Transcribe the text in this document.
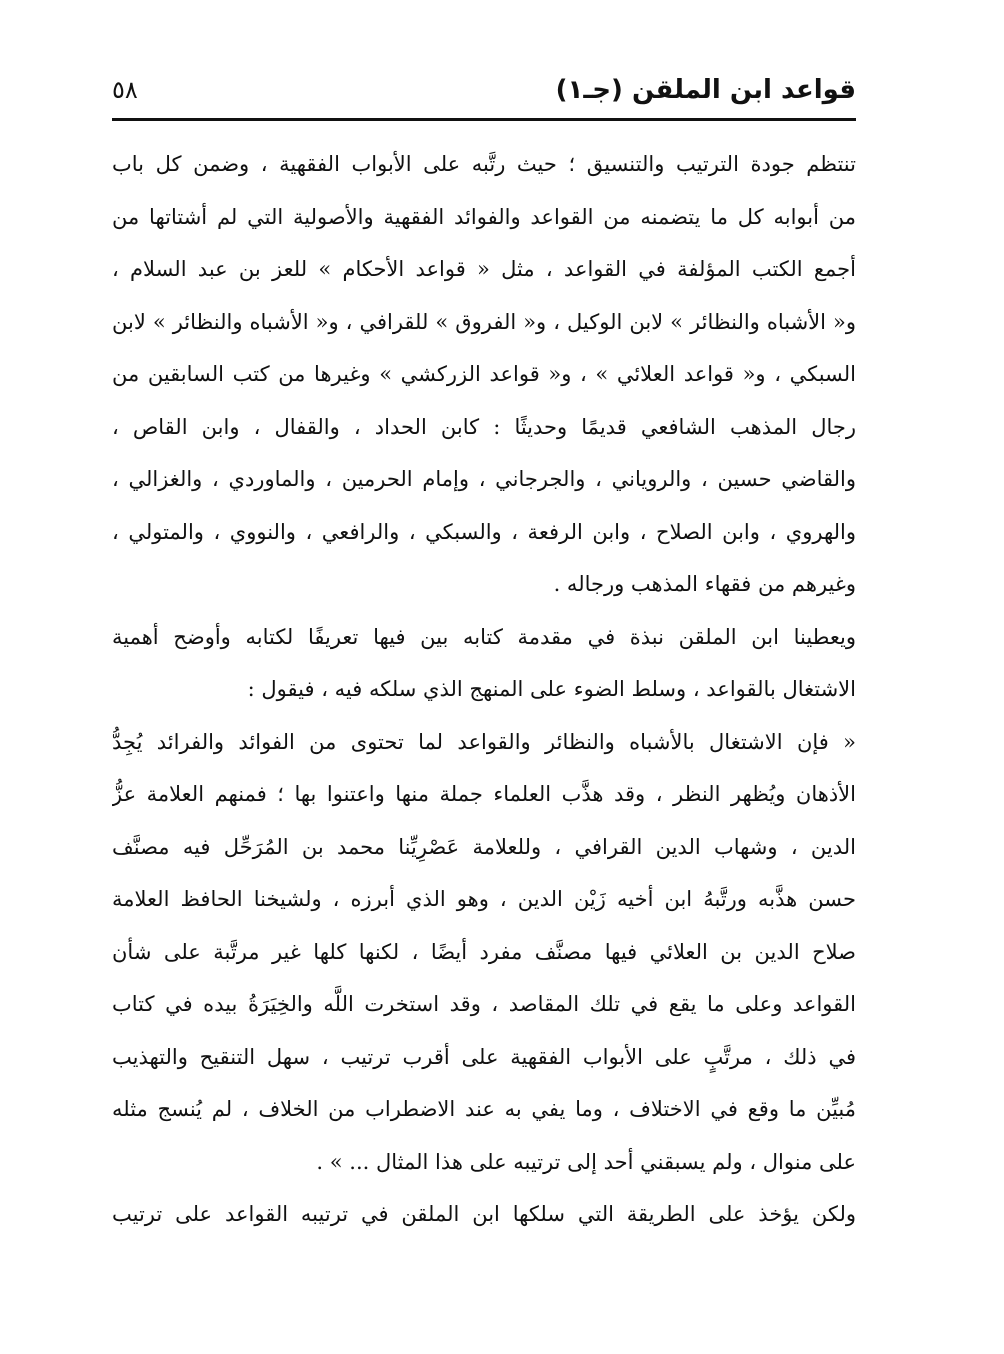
قواعد ابن الملقن (جـ١)
٥٨
تنتظم جودة الترتيب والتنسيق ؛ حيث رتَّبه على الأبواب الفقهية ، وضمن كل باب
من أبوابه كل ما يتضمنه من القواعد والفوائد الفقهية والأصولية التي لم أشتاتها من
أجمع الكتب المؤلفة في القواعد ، مثل « قواعد الأحكام » للعز بن عبد السلام ،
و« الأشباه والنظائر » لابن الوكيل ، و« الفروق » للقرافي ، و« الأشباه والنظائر » لابن
السبكي ، و« قواعد العلائي » ، و« قواعد الزركشي » وغيرها من كتب السابقين من
رجال المذهب الشافعي قديمًا وحديثًا : كابن الحداد ، والقفال ، وابن القاص ،
والقاضي حسين ، والروياني ، والجرجاني ، وإمام الحرمين ، والماوردي ، والغزالي ،
والهروي ، وابن الصلاح ، وابن الرفعة ، والسبكي ، والرافعي ، والنووي ، والمتولي ،
وغيرهم من فقهاء المذهب ورجاله .
ويعطينا ابن الملقن نبذة في مقدمة كتابه بين فيها تعريفًا لكتابه وأوضح أهمية
الاشتغال بالقواعد ، وسلط الضوء على المنهج الذي سلكه فيه ، فيقول :
« فإن الاشتغال بالأشباه والنظائر والقواعد لما تحتوى من الفوائد والفرائد يُجِدُّ
الأذهان ويُظهر النظر ، وقد هذَّب العلماء جملة منها واعتنوا بها ؛ فمنهم العلامة عزُّ
الدين ، وشهاب الدين القرافي ، وللعلامة عَصْرِيِّنا محمد بن المُرَحِّل فيه مصنَّف
حسن هذَّبه ورتَّبهُ ابن أخيه زَيْن الدين ، وهو الذي أبرزه ، ولشيخنا الحافظ العلامة
صلاح الدين بن العلائي فيها مصنَّف مفرد أيضًا ، لكنها كلها غير مرتَّبة على شأن
القواعد وعلى ما يقع في تلك المقاصد ، وقد استخرت اللَّه والخِيَرَةُ بيده في كتاب
في ذلك ، مرتَّبٍ على الأبواب الفقهية على أقرب ترتيب ، سهل التنقيح والتهذيب
مُبيِّن ما وقع في الاختلاف ، وما يفي به عند الاضطراب من الخلاف ، لم يُنسج مثله
على منوال ، ولم يسبقني أحد إلى ترتيبه على هذا المثال ... » .
ولكن يؤخذ على الطريقة التي سلكها ابن الملقن في ترتيبه القواعد على ترتيب
